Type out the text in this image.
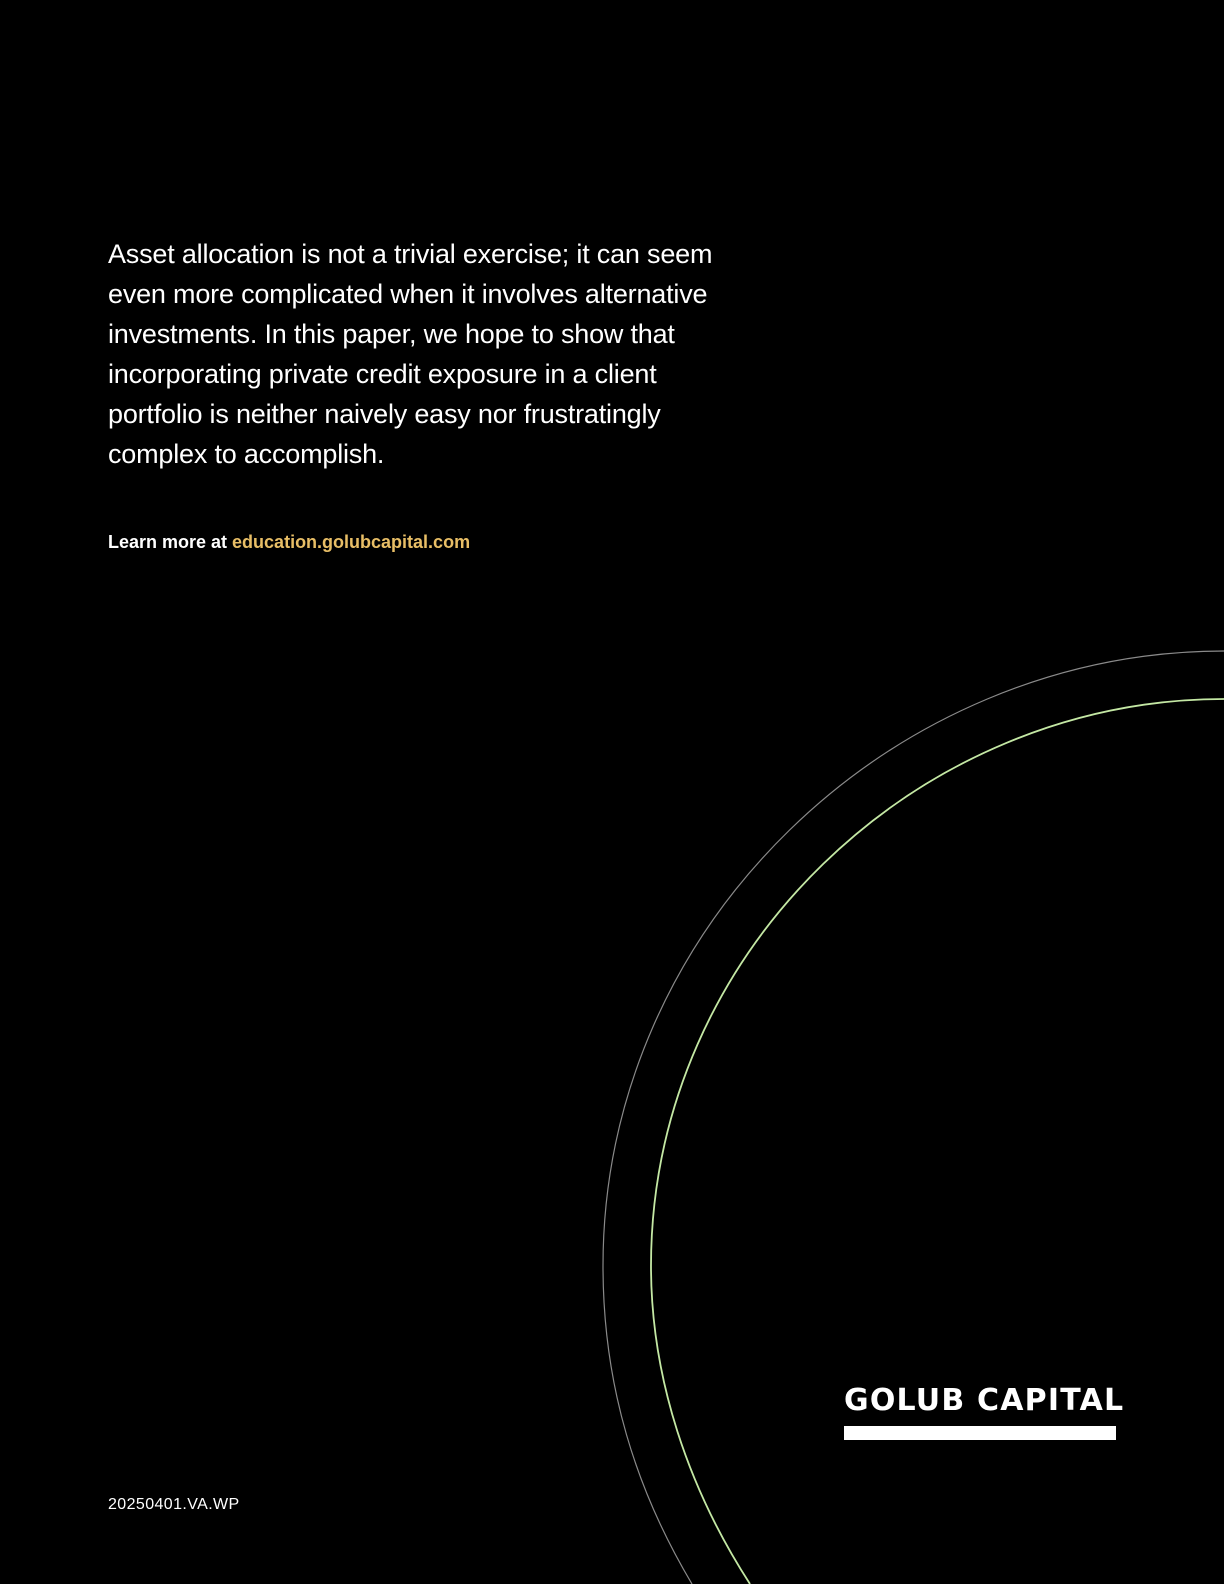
Asset allocation is not a trivial exercise; it can seem even more complicated when it involves alternative investments. In this paper, we hope to show that incorporating private credit exposure in a client portfolio is neither naively easy nor frustratingly complex to accomplish.

Learn more at education.golubcapital.com

GOLUB CAPITAL

20250401.VA.WP
